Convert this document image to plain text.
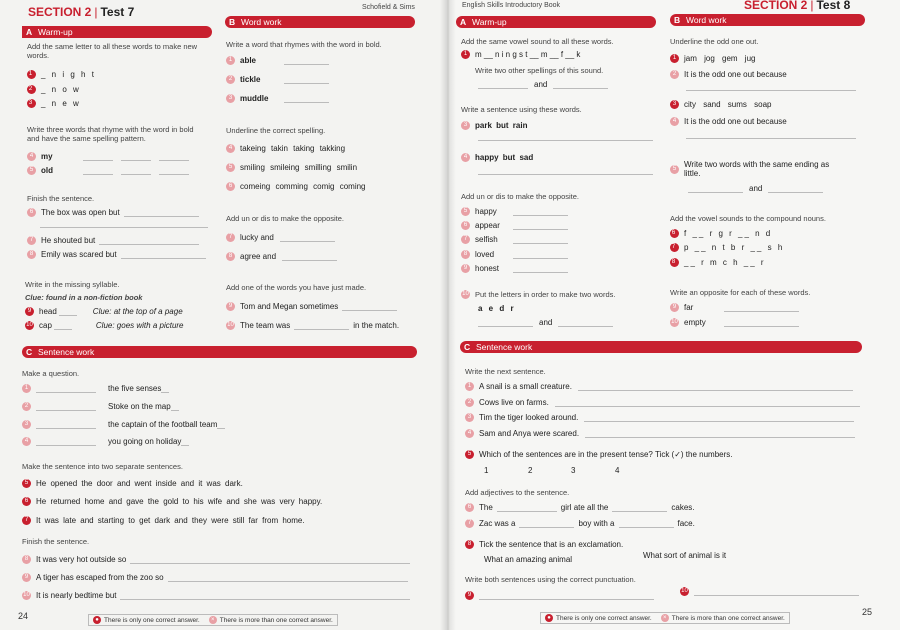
SECTION 2 | Test 7	Schofield & Sims
A Warm-up
Add the same letter to all these words to make new words.
1 _ n i g h t
2 _ n o w
3 _ n e w
Write three words that rhyme with the word in bold and have the same spelling pattern.
4 my
5 old
Finish the sentence.
6 The box was open but
7 He shouted but
8 Emily was scared but
Write in the missing syllable.
Clue: found in a non-fiction book
9 head	Clue: at the top of a page
10 cap	Clue: goes with a picture
B Word work
Write a word that rhymes with the word in bold.
1 able
2 tickle
3 muddle
Underline the correct spelling.
4 takeing takin taking takking
5 smiling smileing smilling smilin
6 comeing comming comig coming
Add un or dis to make the opposite.
7 lucky and
8 agree and
Add one of the words you have just made.
9 Tom and Megan sometimes
10 The team was	in the match.
C Sentence work
Make a question.
1	the five senses
2	Stoke on the map
3	the captain of the football team
4	you going on holiday
Make the sentence into two separate sentences.
5 He opened the door and went inside and it was dark.
6 He returned home and gave the gold to his wife and she was very happy.
7 It was late and starting to get dark and they were still far from home.
Finish the sentence.
8 It was very hot outside so
9 A tiger has escaped from the zoo so
10 It is nearly bedtime but
24	● There is only one correct answer.	× There is more than one correct answer.
English Skills Introductory Book	SECTION 2 | Test 8
A Warm-up
Add the same vowel sound to all these words.
1 m __ n i n g s t __ m __ f __ k
Write two other spellings of this sound.
and
Write a sentence using these words.
3 park but rain
4 happy but sad
Add un or dis to make the opposite.
5 happy
6 appear
7 selfish
8 loved
9 honest
10 Put the letters in order to make two words.
a e d r
and
B Word work
Underline the odd one out.
1 jam jog gem jug
2 It is the odd one out because
3 city sand sums soap
4 It is the odd one out because
5 Write two words with the same ending as little.
and
Add the vowel sounds to the compound nouns.
6 f __ r g r __ n d
7 p __ n t b r __ s h
8 __ r m c h __ r
Write an opposite for each of these words.
9 far
10 empty
C Sentence work
Write the next sentence.
1 A snail is a small creature.
2 Cows live on farms.
3 Tim the tiger looked around.
4 Sam and Anya were scared.
5 Which of the sentences are in the present tense? Tick (✓) the numbers.
1	2	3	4
Add adjectives to the sentence.
6 The	girl ate all the	cakes.
7 Zac was a	boy with a	face.
8 Tick the sentence that is an exclamation.
What an amazing animal	What sort of animal is it
Write both sentences using the correct punctuation.
9
10
● There is only one correct answer.	× There is more than one correct answer.
25
